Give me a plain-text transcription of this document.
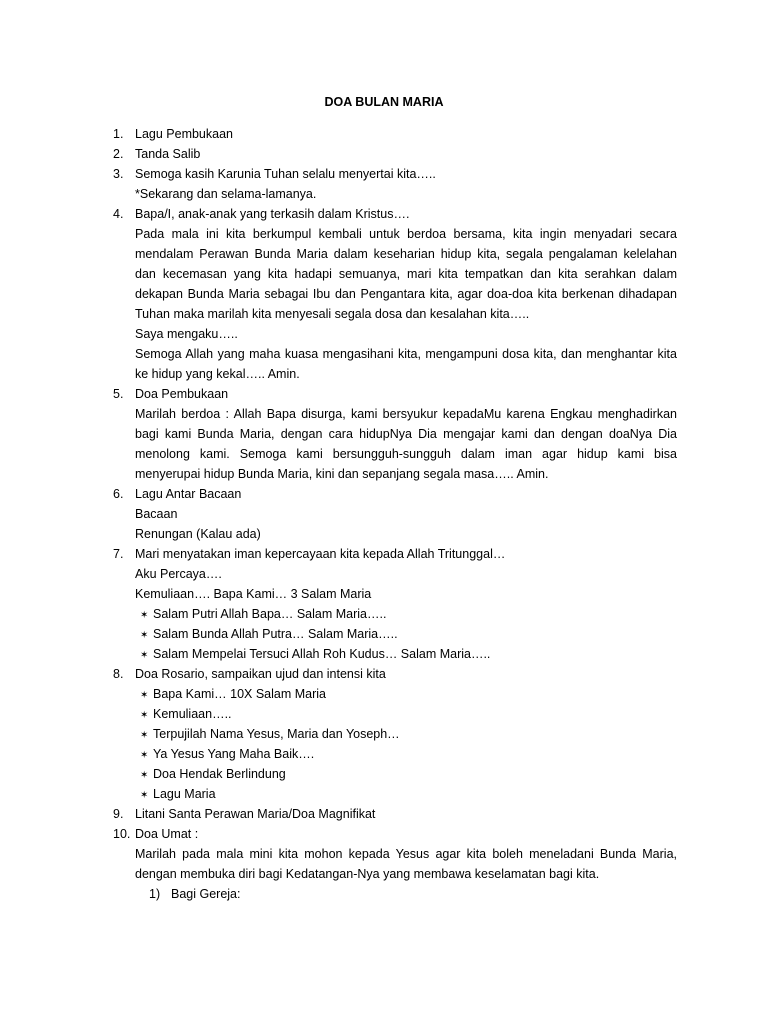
DOA BULAN MARIA
1. Lagu Pembukaan
2. Tanda Salib
3. Semoga kasih Karunia Tuhan selalu menyertai kita…..
*Sekarang dan selama-lamanya.
4. Bapa/I, anak-anak yang terkasih dalam Kristus….
Pada mala ini kita berkumpul kembali untuk berdoa bersama, kita ingin menyadari secara
mendalam Perawan Bunda Maria dalam keseharian hidup kita, segala pengalaman kelelahan
dan kecemasan yang kita hadapi semuanya, mari kita tempatkan dan kita serahkan dalam
dekapan Bunda Maria sebagai Ibu dan Pengantara kita, agar doa-doa kita berkenan dihadapan
Tuhan maka marilah kita menyesali segala dosa dan kesalahan kita…..
Saya mengaku…..
Semoga Allah yang maha kuasa mengasihani kita, mengampuni dosa kita, dan menghantar kita
ke hidup yang kekal….. Amin.
5. Doa Pembukaan
Marilah berdoa : Allah Bapa disurga, kami bersyukur kepadaMu karena Engkau menghadirkan
bagi kami Bunda Maria, dengan cara hidupNya Dia mengajar kami dan dengan doaNya Dia
menolong kami. Semoga kami bersungguh-sungguh dalam iman agar hidup kami bisa
menyerupai hidup Bunda Maria, kini dan sepanjang segala masa….. Amin.
6. Lagu Antar Bacaan
Bacaan
Renungan (Kalau ada)
7. Mari menyatakan iman kepercayaan kita kepada Allah Tritunggal…
Aku Percaya….
Kemuliaan…. Bapa Kami… 3 Salam Maria
✶ Salam Putri Allah Bapa… Salam Maria…..
✶ Salam Bunda Allah Putra… Salam Maria…..
✶ Salam Mempelai Tersuci Allah Roh Kudus… Salam Maria…..
8. Doa Rosario, sampaikan ujud dan intensi kita
✶ Bapa Kami… 10X Salam Maria
✶ Kemuliaan…..
✶ Terpujilah Nama Yesus, Maria dan Yoseph…
✶ Ya Yesus Yang Maha Baik….
✶ Doa Hendak Berlindung
✶ Lagu Maria
9. Litani Santa Perawan Maria/Doa Magnifikat
10. Doa Umat :
Marilah pada mala mini kita mohon kepada Yesus agar kita boleh meneladani Bunda Maria,
dengan membuka diri bagi Kedatangan-Nya yang membawa keselamatan bagi kita.
1) Bagi Gereja:
